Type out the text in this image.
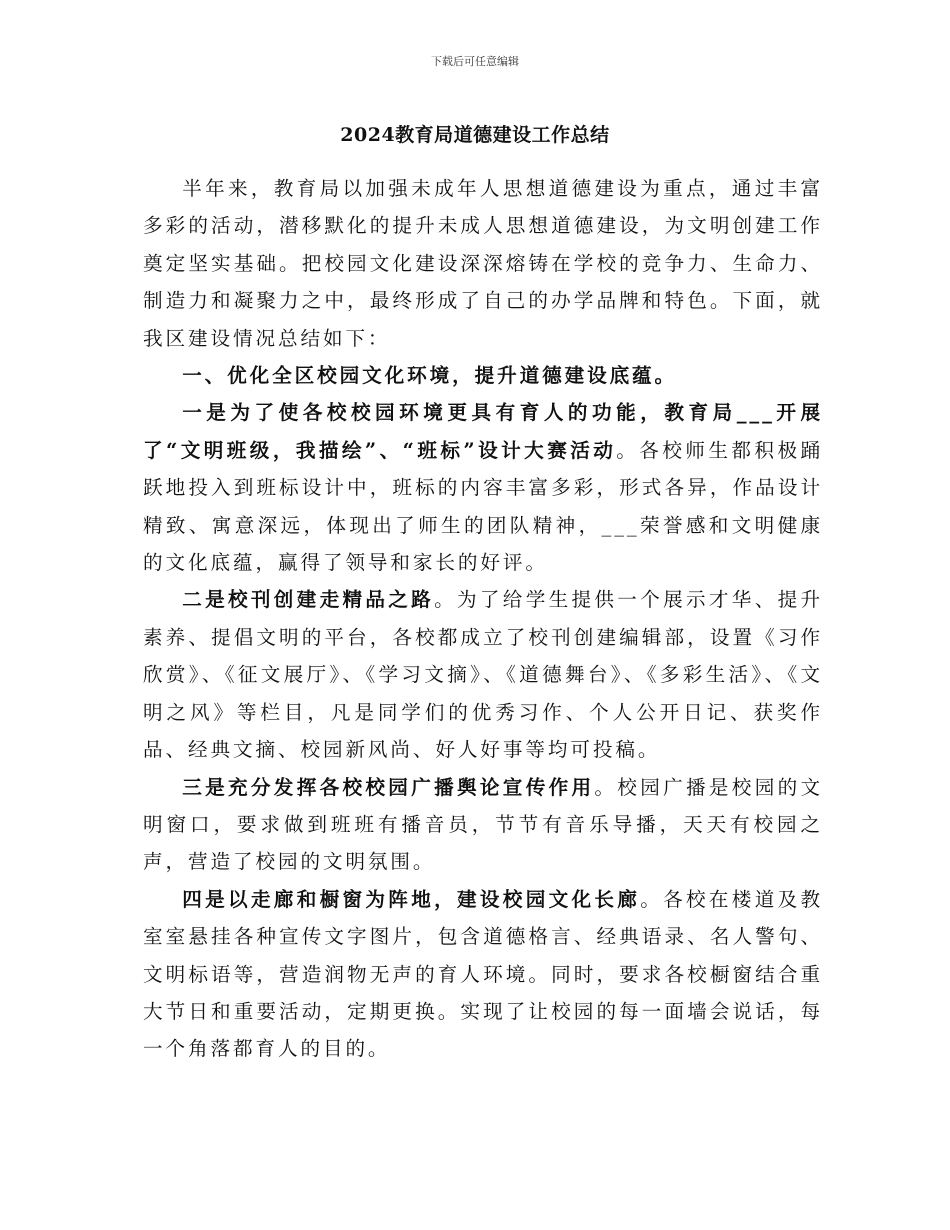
下载后可任意编辑
2024教育局道德建设工作总结

半年来，教育局以加强未成年人思想道德建设为重点，通过丰富多彩的活动，潜移默化的提升未成人思想道德建设，为文明创建工作奠定坚实基础。把校园文化建设深深熔铸在学校的竞争力、生命力、制造力和凝聚力之中，最终形成了自己的办学品牌和特色。下面，就我区建设情况总结如下：

一、优化全区校园文化环境，提升道德建设底蕴。

一是为了使各校校园环境更具有育人的功能，教育局___开展了“文明班级，我描绘”、“班标”设计大赛活动。各校师生都积极踊跃地投入到班标设计中，班标的内容丰富多彩，形式各异，作品设计精致、寓意深远，体现出了师生的团队精神，___荣誉感和文明健康的文化底蕴，赢得了领导和家长的好评。

二是校刊创建走精品之路。为了给学生提供一个展示才华、提升素养、提倡文明的平台，各校都成立了校刊创建编辑部，设置《习作欣赏》、《征文展厅》、《学习文摘》、《道德舞台》、《多彩生活》、《文明之风》等栏目，凡是同学们的优秀习作、个人公开日记、获奖作品、经典文摘、校园新风尚、好人好事等均可投稿。

三是充分发挥各校校园广播舆论宣传作用。校园广播是校园的文明窗口，要求做到班班有播音员，节节有音乐导播，天天有校园之声，营造了校园的文明氛围。

四是以走廊和橱窗为阵地，建设校园文化长廊。各校在楼道及教室室悬挂各种宣传文字图片，包含道德格言、经典语录、名人警句、文明标语等，营造润物无声的育人环境。同时，要求各校橱窗结合重大节日和重要活动，定期更换。实现了让校园的每一面墙会说话，每一个角落都育人的目的。
